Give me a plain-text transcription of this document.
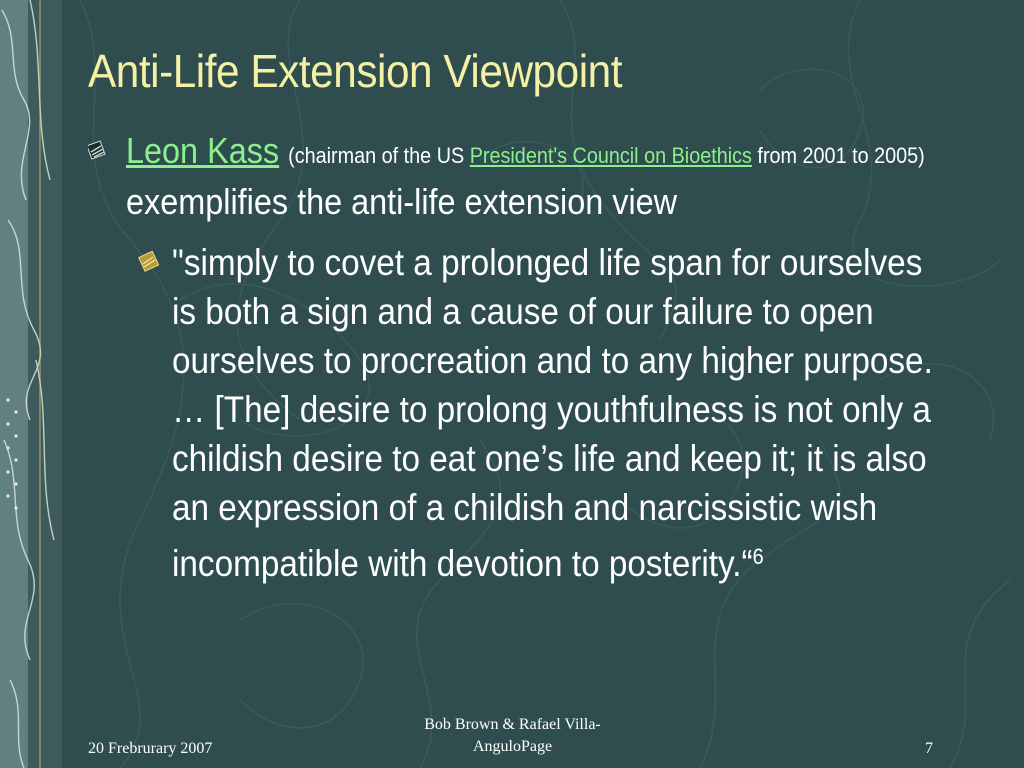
Anti-Life Extension Viewpoint
Leon Kass (chairman of the US President's Council on Bioethics from 2001 to 2005) exemplifies the anti-life extension view
"simply to covet a prolonged life span for ourselves is both a sign and a cause of our failure to open ourselves to procreation and to any higher purpose. … [The] desire to prolong youthfulness is not only a childish desire to eat one’s life and keep it; it is also an expression of a childish and narcissistic wish incompatible with devotion to posterity.“$^6$
20 Frebrurary 2007
Bob Brown & Rafael Villa-AnguloPage	7
